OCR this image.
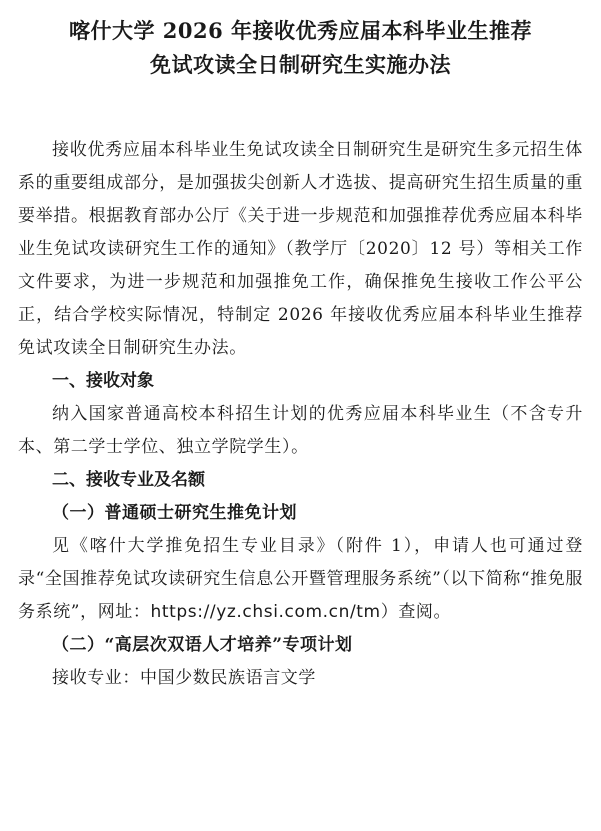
喀什大学 2026 年接收优秀应届本科毕业生推荐
免试攻读全日制研究生实施办法

接收优秀应届本科毕业生免试攻读全日制研究生是研究生多元招生体系的重要组成部分，是加强拔尖创新人才选拔、提高研究生招生质量的重要举措。根据教育部办公厅《关于进一步规范和加强推荐优秀应届本科毕业生免试攻读研究生工作的通知》（教学厅〔2020〕12 号）等相关工作文件要求，为进一步规范和加强推免工作，确保推免生接收工作公平公正，结合学校实际情况，特制定 2026 年接收优秀应届本科毕业生推荐免试攻读全日制研究生办法。

一、接收对象

纳入国家普通高校本科招生计划的优秀应届本科毕业生（不含专升本、第二学士学位、独立学院学生）。

二、接收专业及名额

（一）普通硕士研究生推免计划

见《喀什大学推免招生专业目录》（附件 1），申请人也可通过登录“全国推荐免试攻读研究生信息公开暨管理服务系统”（以下简称“推免服务系统”，网址：https://yz.chsi.com.cn/tm）查阅。

（二）“高层次双语人才培养”专项计划

接收专业：中国少数民族语言文学
